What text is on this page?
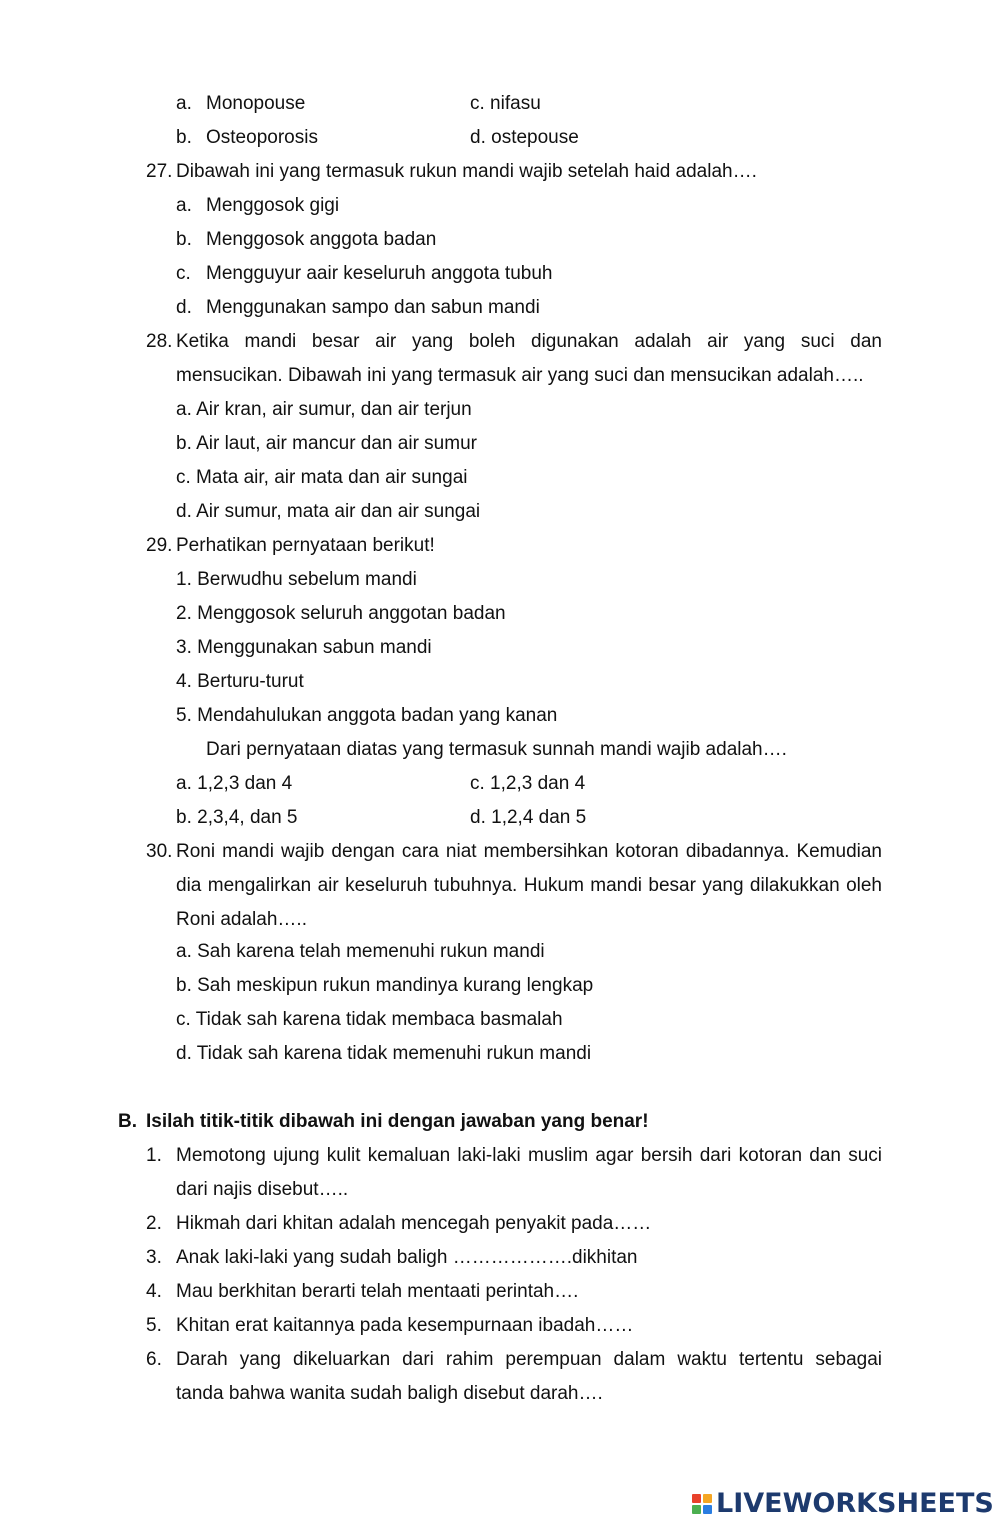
a. Monopouse	c. nifasu
b. Osteoporosis	d. ostepouse
27. Dibawah ini yang termasuk rukun mandi wajib setelah haid adalah….
a. Menggosok gigi
b. Menggosok anggota badan
c. Mengguyur aair keseluruh anggota tubuh
d. Menggunakan sampo dan sabun mandi
28. Ketika mandi besar air yang boleh digunakan adalah air yang suci dan
mensucikan. Dibawah ini yang termasuk air yang suci dan mensucikan adalah…..
a. Air kran, air sumur, dan air terjun
b. Air laut, air mancur dan air sumur
c. Mata air, air mata dan air sungai
d. Air sumur, mata air dan air sungai
29. Perhatikan pernyataan berikut!
1. Berwudhu sebelum mandi
2. Menggosok seluruh anggotan badan
3. Menggunakan sabun mandi
4. Berturu-turut
5. Mendahulukan anggota badan yang kanan
Dari pernyataan diatas yang termasuk sunnah mandi wajib adalah….
a. 1,2,3 dan 4	c. 1,2,3 dan 4
b. 2,3,4, dan 5	d. 1,2,4 dan 5
30. Roni mandi wajib dengan cara niat membersihkan kotoran dibadannya. Kemudian
dia mengalirkan air keseluruh tubuhnya. Hukum mandi besar yang dilakukkan oleh
Roni adalah…..
a. Sah karena telah memenuhi rukun mandi
b. Sah meskipun rukun mandinya kurang lengkap
c. Tidak sah karena tidak membaca basmalah
d. Tidak sah karena tidak memenuhi rukun mandi
B. Isilah titik-titik dibawah ini dengan jawaban yang benar!
1. Memotong ujung kulit kemaluan laki-laki muslim agar bersih dari kotoran dan suci
dari najis disebut…..
2. Hikmah dari khitan adalah mencegah penyakit pada……
3. Anak laki-laki yang sudah baligh ……………….dikhitan
4. Mau berkhitan berarti telah mentaati perintah….
5. Khitan erat kaitannya pada kesempurnaan ibadah……
6. Darah yang dikeluarkan dari rahim perempuan dalam waktu tertentu sebagai
tanda bahwa wanita sudah baligh disebut darah….
LIVEWORKSHEETS
